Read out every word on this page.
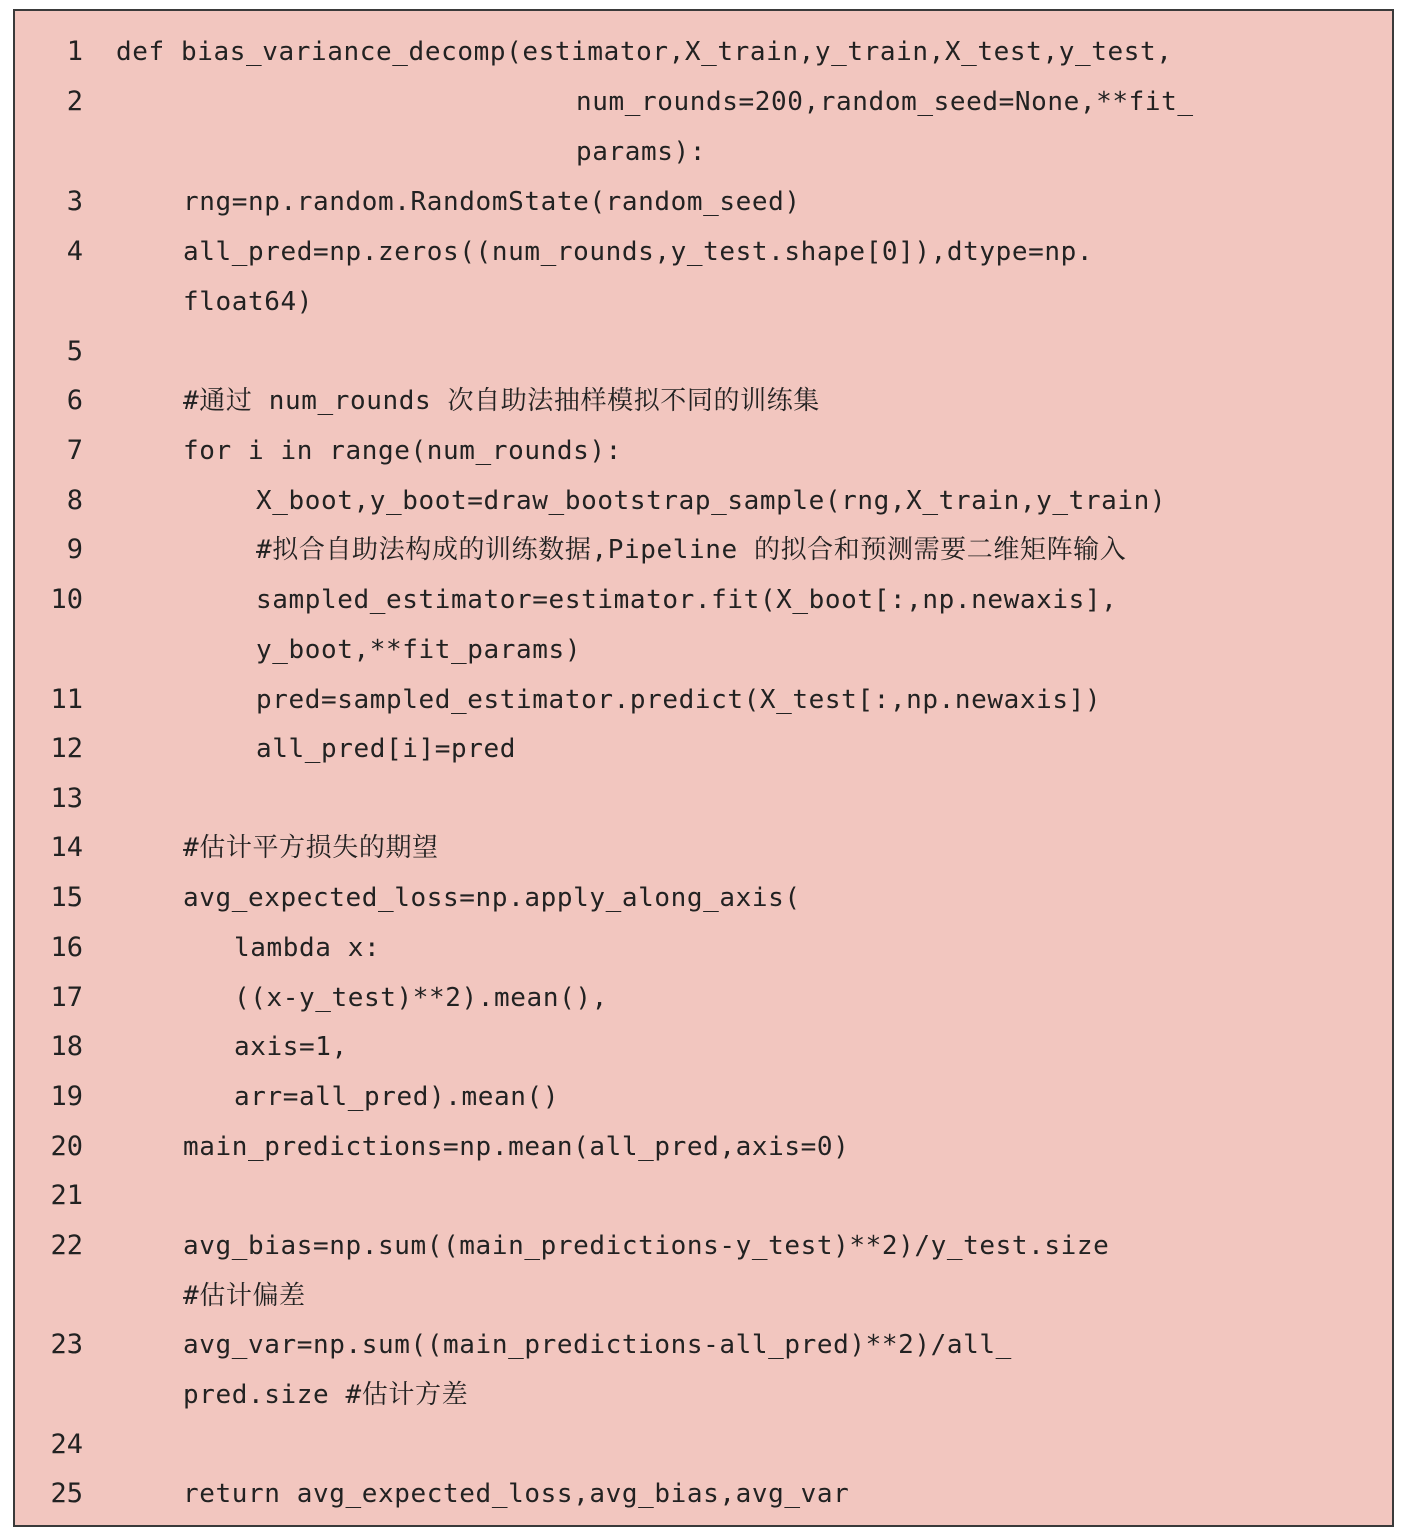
1 def bias_variance_decomp(estimator,X_train,y_train,X_test,y_test,
2	num_rounds=200,random_seed=None,**fit_
params):
3	rng=np.random.RandomState(random_seed)
4	all_pred=np.zeros((num_rounds,y_test.shape[0]),dtype=np.
float64)
5
6	#通过 num_rounds 次自助法抽样模拟不同的训练集
7	for i in range(num_rounds):
8	X_boot,y_boot=draw_bootstrap_sample(rng,X_train,y_train)
9	#拟合自助法构成的训练数据,Pipeline 的拟合和预测需要二维矩阵输入
10	sampled_estimator=estimator.fit(X_boot[:,np.newaxis],
y_boot,**fit_params)
11	pred=sampled_estimator.predict(X_test[:,np.newaxis])
12	all_pred[i]=pred
13
14	#估计平方损失的期望
15	avg_expected_loss=np.apply_along_axis(
16	lambda x:
17	((x-y_test)**2).mean(),
18	axis=1,
19	arr=all_pred).mean()
20	main_predictions=np.mean(all_pred,axis=0)
21
22	avg_bias=np.sum((main_predictions-y_test)**2)/y_test.size
#估计偏差
23	avg_var=np.sum((main_predictions-all_pred)**2)/all_
pred.size #估计方差
24
25	return avg_expected_loss,avg_bias,avg_var
